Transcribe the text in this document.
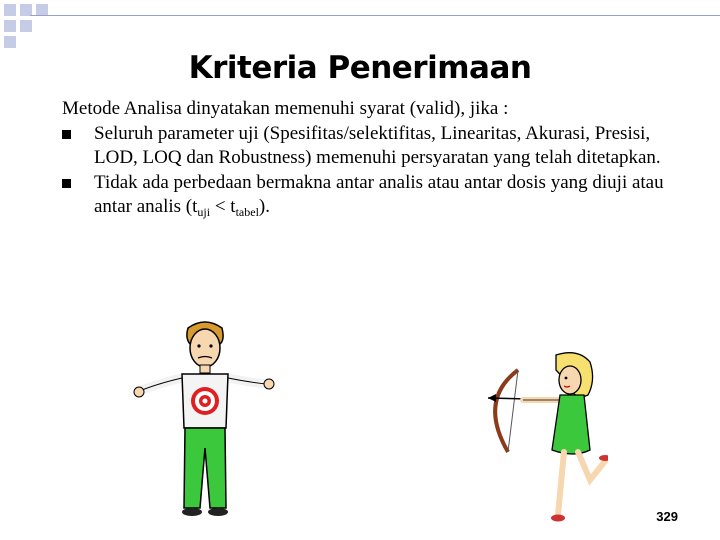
Kriteria Penerimaan

Metode Analisa dinyatakan memenuhi syarat (valid), jika :

Seluruh parameter uji (Spesifitas/selektifitas, Linearitas, Akurasi, Presisi, LOD, LOQ dan Robustness) memenuhi persyaratan yang telah ditetapkan.
Tidak ada perbedaan bermakna antar analis atau antar dosis yang diuji atau antar analis $(t_{uji} < t_{tabel})$.
329
